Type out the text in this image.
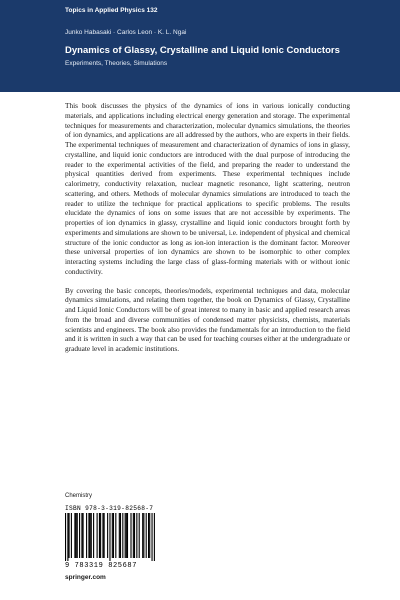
Topics in Applied Physics 132
Junko Habasaki · Carlos Leon · K. L. Ngai
Dynamics of Glassy, Crystalline and Liquid Ionic Conductors
Experiments, Theories, Simulations

This book discusses the physics of the dynamics of ions in various ionically conducting materials, and applications including electrical energy generation and storage. The experimental techniques for measurements and characterization, molecular dynamics simulations, the theories of ion dynamics, and applications are all addressed by the authors, who are experts in their fields. The experimental techniques of measurement and characterization of dynamics of ions in glassy, crystalline, and liquid ionic conductors are introduced with the dual purpose of introducing the reader to the experimental activities of the field, and preparing the reader to understand the physical quantities derived from experiments. These experimental techniques include calorimetry, conductivity relaxation, nuclear magnetic resonance, light scattering, neutron scattering, and others. Methods of molecular dynamics simulations are introduced to teach the reader to utilize the technique for practical applications to specific problems. The results elucidate the dynamics of ions on some issues that are not accessible by experiments. The properties of ion dynamics in glassy, crystalline and liquid ionic conductors brought forth by experiments and simulations are shown to be universal, i.e. independent of physical and chemical structure of the ionic conductor as long as ion-ion interaction is the dominant factor. Moreover these universal properties of ion dynamics are shown to be isomorphic to other complex interacting systems including the large class of glass-forming materials with or without ionic conductivity.

By covering the basic concepts, theories/models, experimental techniques and data, molecular dynamics simulations, and relating them together, the book on Dynamics of Glassy, Crystalline and Liquid Ionic Conductors will be of great interest to many in basic and applied research areas from the broad and diverse communities of condensed matter physicists, chemists, materials scientists and engineers. The book also provides the fundamentals for an introduction to the field and it is written in such a way that can be used for teaching courses either at the undergraduate or graduate level in academic institutions.

Chemistry
ISBN 978-3-319-82568-7
9 783319 825687
springer.com
